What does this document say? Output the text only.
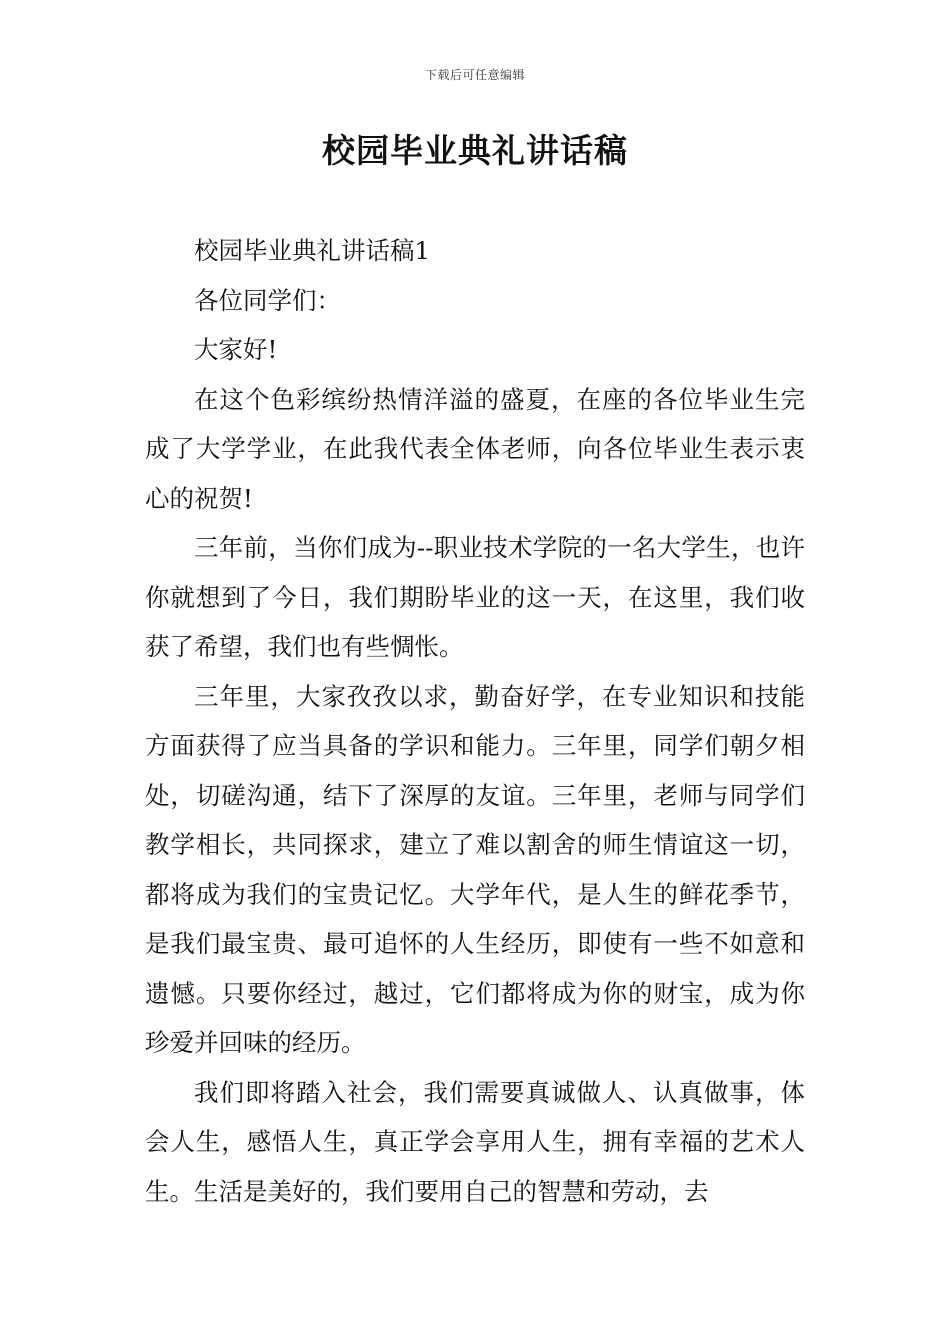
下载后可任意编辑
校园毕业典礼讲话稿

校园毕业典礼讲话稿1

各位同学们：

大家好!

在这个色彩缤纷热情洋溢的盛夏，在座的各位毕业生完成了大学学业，在此我代表全体老师，向各位毕业生表示衷心的祝贺!

三年前，当你们成为--职业技术学院的一名大学生，也许你就想到了今日，我们期盼毕业的这一天，在这里，我们收获了希望，我们也有些惆怅。

三年里，大家孜孜以求，勤奋好学，在专业知识和技能方面获得了应当具备的学识和能力。三年里，同学们朝夕相处，切磋沟通，结下了深厚的友谊。三年里，老师与同学们教学相长，共同探求，建立了难以割舍的师生情谊这一切，都将成为我们的宝贵记忆。大学年代，是人生的鲜花季节，是我们最宝贵、最可追怀的人生经历，即使有一些不如意和遗憾。只要你经过，越过，它们都将成为你的财宝，成为你珍爱并回味的经历。

我们即将踏入社会，我们需要真诚做人、认真做事，体会人生，感悟人生，真正学会享用人生，拥有幸福的艺术人生。生活是美好的，我们要用自己的智慧和劳动，去
